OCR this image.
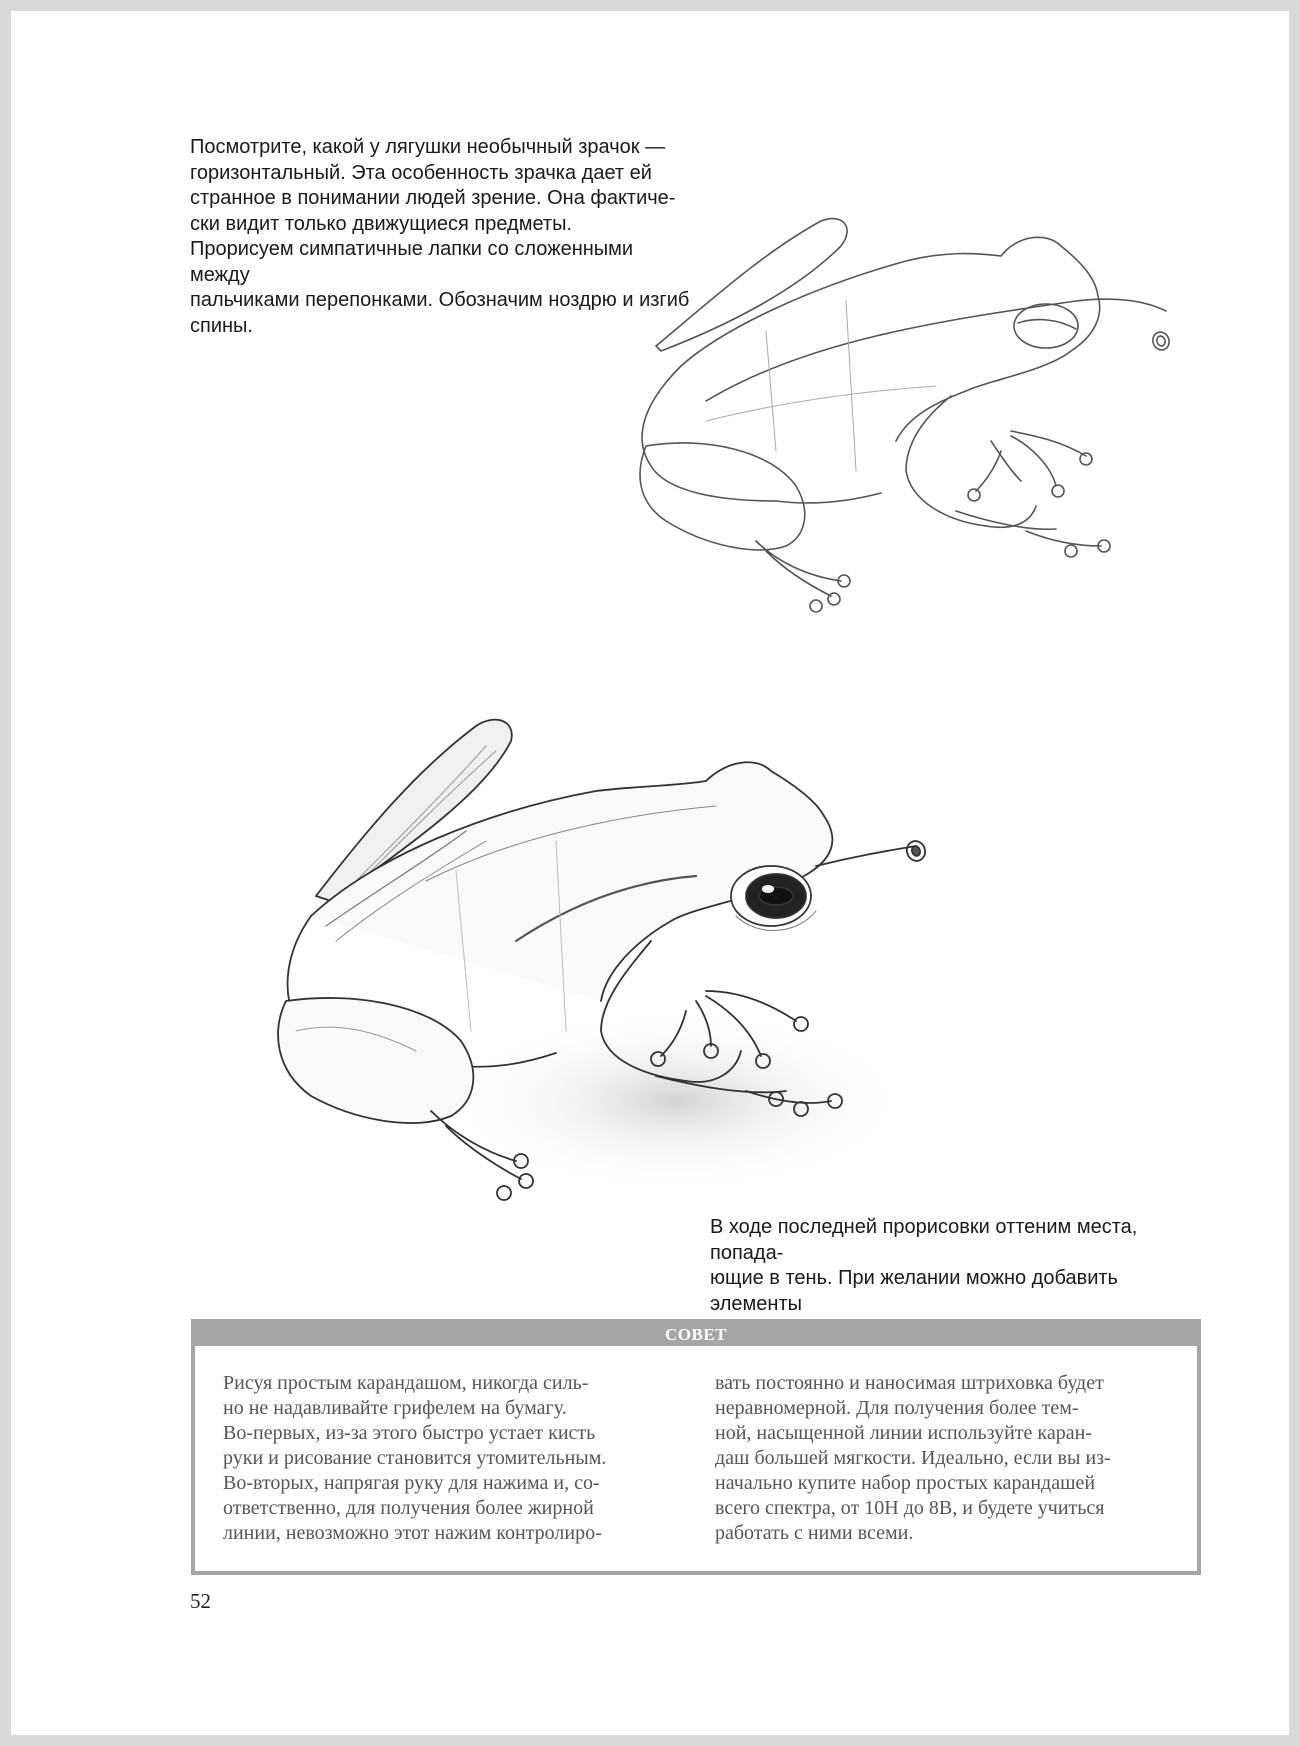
Посмотрите, какой у лягушки необычный зрачок —

горизонтальный. Эта особенность зрачка дает ей

странное в понимании людей зрение. Она фактиче-

ски видит только движущиеся предметы.

Прорисуем симпатичные лапки со сложенными между

пальчиками перепонками. Обозначим ноздрю и изгиб

спины.

В ходе последней прорисовки оттеним места, попада-

ющие в тень. При желании можно добавить элементы

СОВЕТ

Рисуя простым карандашом, никогда силь-

но не надавливайте грифелем на бумагу.

Во-первых, из-за этого быстро устает кисть

руки и рисование становится утомительным.

Во-вторых, напрягая руку для нажима и, со-

ответственно, для получения более жирной

линии, невозможно этот нажим контролиро-

вать постоянно и наносимая штриховка будет

неравномерной. Для получения более тем-

ной, насыщенной линии используйте каран-

даш большей мягкости. Идеально, если вы из-

начально купите набор простых карандашей

всего спектра, от 10Н до 8В, и будете учиться

работать с ними всеми.

52
